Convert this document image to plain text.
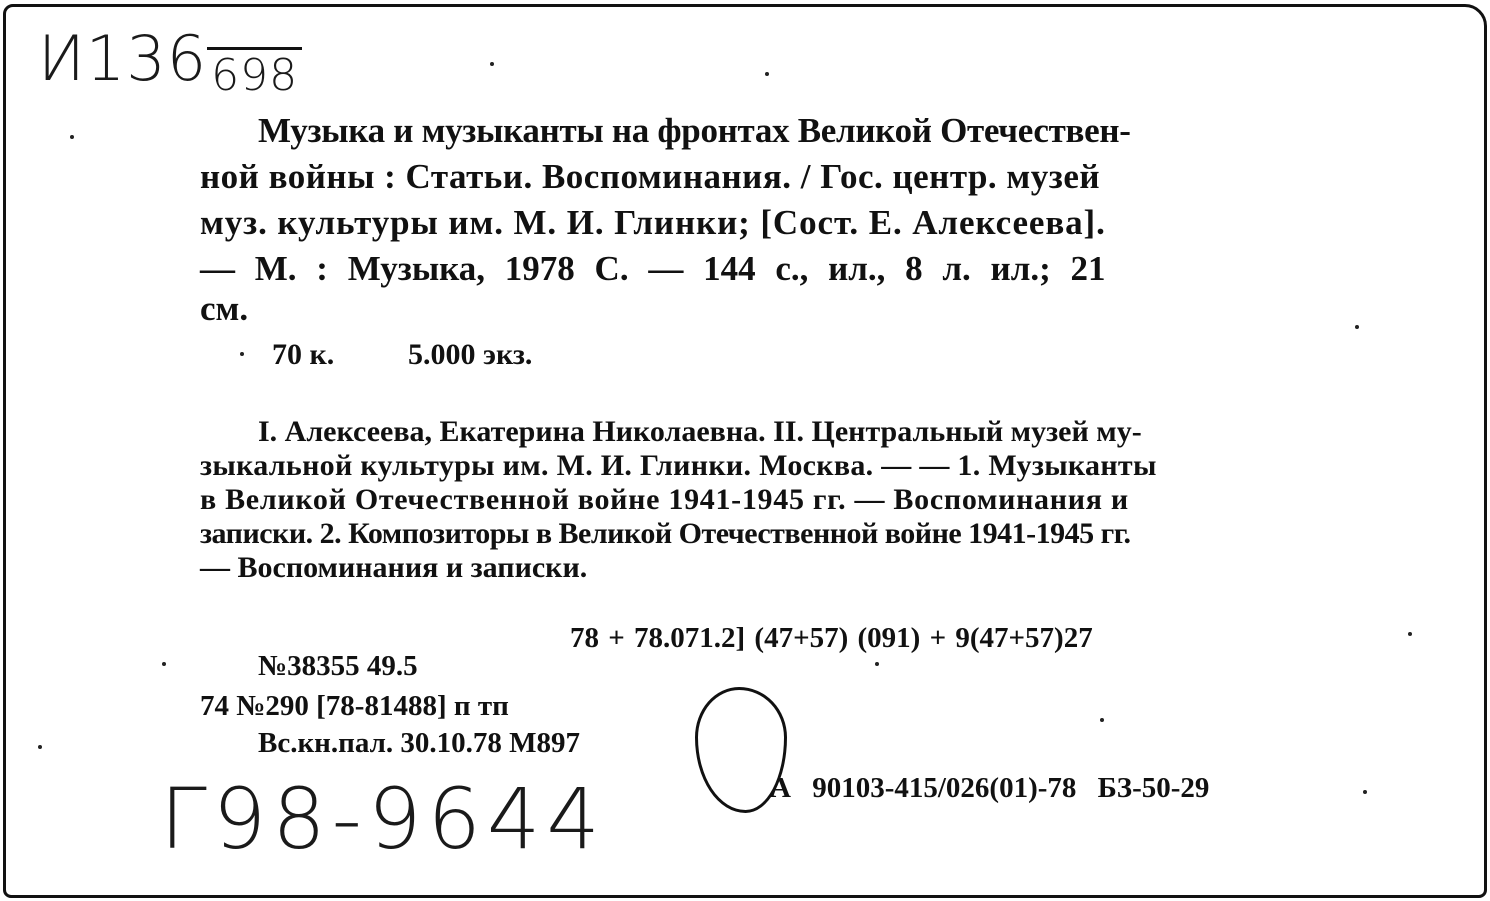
И136698
Музыка и музыканты на фронтах Великой Отечествен-
ной войны : Статьи. Воспоминания. / Гос. центр. музей
муз. культуры им. М. И. Глинки; [Сост. Е. Алексеева].
— М. : Музыка, 1978 С. — 144 с., ил., 8 л. ил.; 21
см.
70 к. 5.000 экз.
I. Алексеева, Екатерина Николаевна. II. Центральный музей му-
зыкальной культуры им. М. И. Глинки. Москва. — — 1. Музыканты
в Великой Отечественной войне 1941-1945 гг. — Воспоминания и
записки. 2. Композиторы в Великой Отечественной войне 1941-1945 гг.
— Воспоминания и записки.
78 + 78.071.2] (47+57) (091) + 9(47+57)27
№38355 49.5
74 №290 [78-81488] п тп
Вс.кн.пал. 30.10.78 М897
А 90103-415/026(01)-78 БЗ-50-29
Г98-9644
